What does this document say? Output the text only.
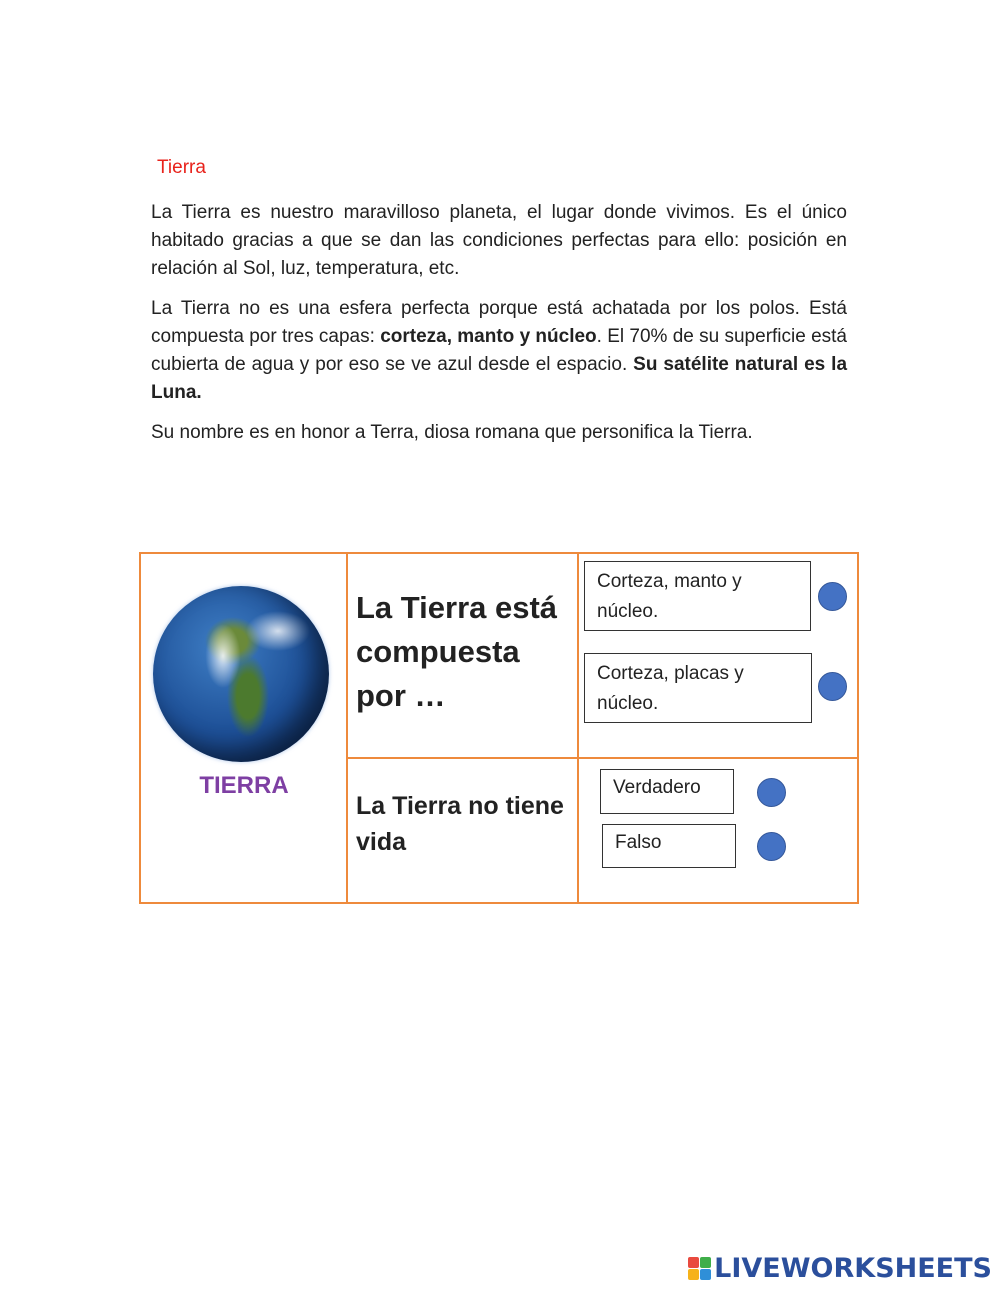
Tierra

La Tierra es nuestro maravilloso planeta, el lugar donde vivimos. Es el único habitado gracias a que se dan las condiciones perfectas para ello: posición en relación al Sol, luz, temperatura, etc.

La Tierra no es una esfera perfecta porque está achatada por los polos. Está compuesta por tres capas: corteza, manto y núcleo. El 70% de su superficie está cubierta de agua y por eso se ve azul desde el espacio. Su satélite natural es la Luna.

Su nombre es en honor a Terra, diosa romana que personifica la Tierra.

TIERRA
La Tierra está compuesta por …
Corteza, manto y núcleo.
Corteza, placas y núcleo.
La Tierra no tiene vida
Verdadero
Falso
LIVEWORKSHEETS
